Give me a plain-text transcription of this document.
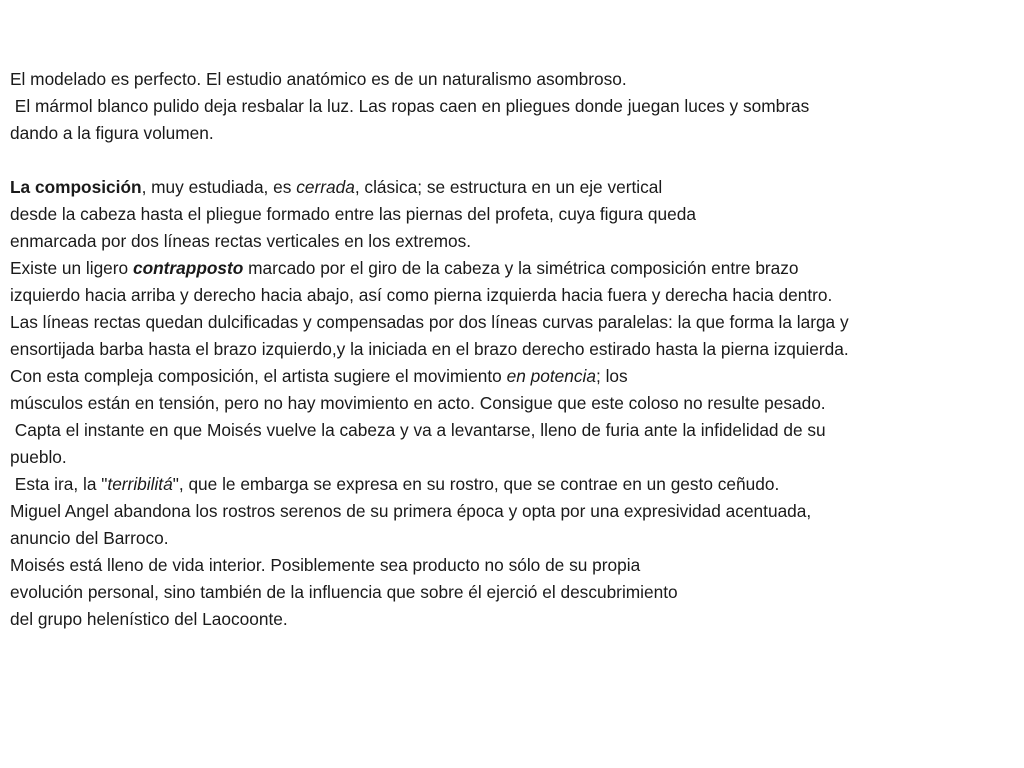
El modelado es perfecto. El estudio anatómico es de un naturalismo asombroso.
El mármol blanco pulido deja resbalar la luz. Las ropas caen en pliegues donde juegan luces y sombras
dando a la figura volumen.
La composición, muy estudiada, es cerrada, clásica; se estructura en un eje vertical
desde la cabeza hasta el pliegue formado entre las piernas del profeta, cuya figura queda
enmarcada por dos líneas rectas verticales en los extremos.
Existe un ligero contrapposto marcado por el giro de la cabeza y la simétrica composición entre brazo
izquierdo hacia arriba y derecho hacia abajo, así como pierna izquierda hacia fuera y derecha hacia dentro.
Las líneas rectas quedan dulcificadas y compensadas por dos líneas curvas paralelas: la que forma la larga y
ensortijada barba hasta el brazo izquierdo,y la iniciada en el brazo derecho estirado hasta la pierna izquierda.
Con esta compleja composición, el artista sugiere el movimiento en potencia; los
músculos están en tensión, pero no hay movimiento en acto. Consigue que este coloso no resulte pesado.
Capta el instante en que Moisés vuelve la cabeza y va a levantarse, lleno de furia ante la infidelidad de su
pueblo.
Esta ira, la "terribilitá", que le embarga se expresa en su rostro, que se contrae en un gesto ceñudo.
Miguel Angel abandona los rostros serenos de su primera época y opta por una expresividad acentuada,
anuncio del Barroco.
Moisés está lleno de vida interior. Posiblemente sea producto no sólo de su propia
evolución personal, sino también de la influencia que sobre él ejerció el descubrimiento
del grupo helenístico del Laocoonte.
